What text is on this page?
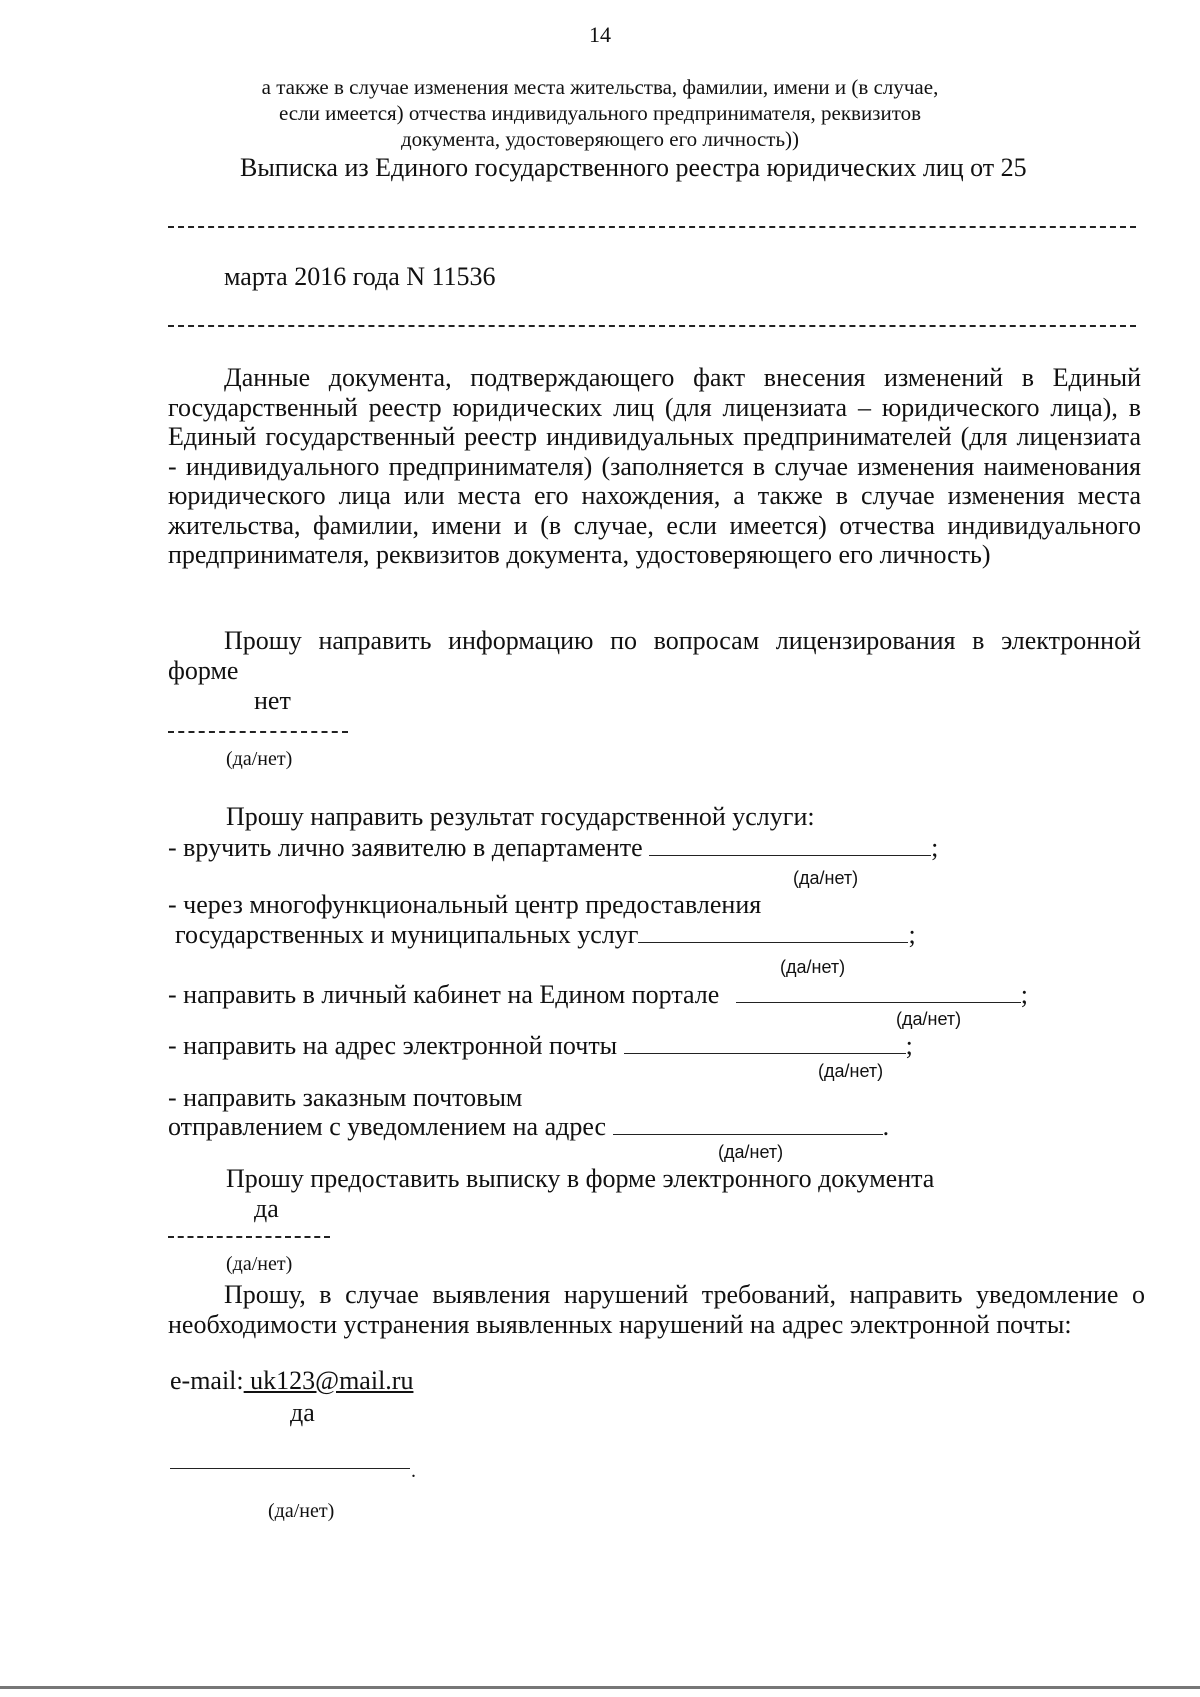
14
а также в случае изменения места жительства, фамилии, имени и (в случае,
если имеется) отчества индивидуального предпринимателя, реквизитов
документа, удостоверяющего его личность))
Выписка из Единого государственного реестра юридических лиц от 25
марта 2016 года N 11536

Данные документа, подтверждающего факт внесения изменений в Единый государственный реестр юридических лиц (для лицензиата – юридического лица), в Единый государственный реестр индивидуальных предпринимателей (для лицензиата - индивидуального предпринимателя) (заполняется в случае изменения наименования юридического лица или места его нахождения, а также в случае изменения места жительства, фамилии, имени и (в случае, если имеется) отчества индивидуального предпринимателя, реквизитов документа, удостоверяющего его личность)

Прошу направить информацию по вопросам лицензирования в электронной форме

нет
(да/нет)
Прошу направить результат государственной услуги:
- вручить лично заявителю в департаменте	;
(да/нет)
- через многофункциональный центр предоставления
государственных и муниципальных услуг	;
(да/нет)
- направить в личный кабинет на Едином портале	;
(да/нет)
- направить на адрес электронной почты	;
(да/нет)
- направить заказным почтовым
отправлением с уведомлением на адрес	.
(да/нет)
Прошу предоставить выписку в форме электронного документа
да
(да/нет)

Прошу, в случае выявления нарушений требований, направить уведомление о необходимости устранения выявленных нарушений на адрес электронной почты:

e-mail: uk123@mail.ru
да
.
(да/нет)
